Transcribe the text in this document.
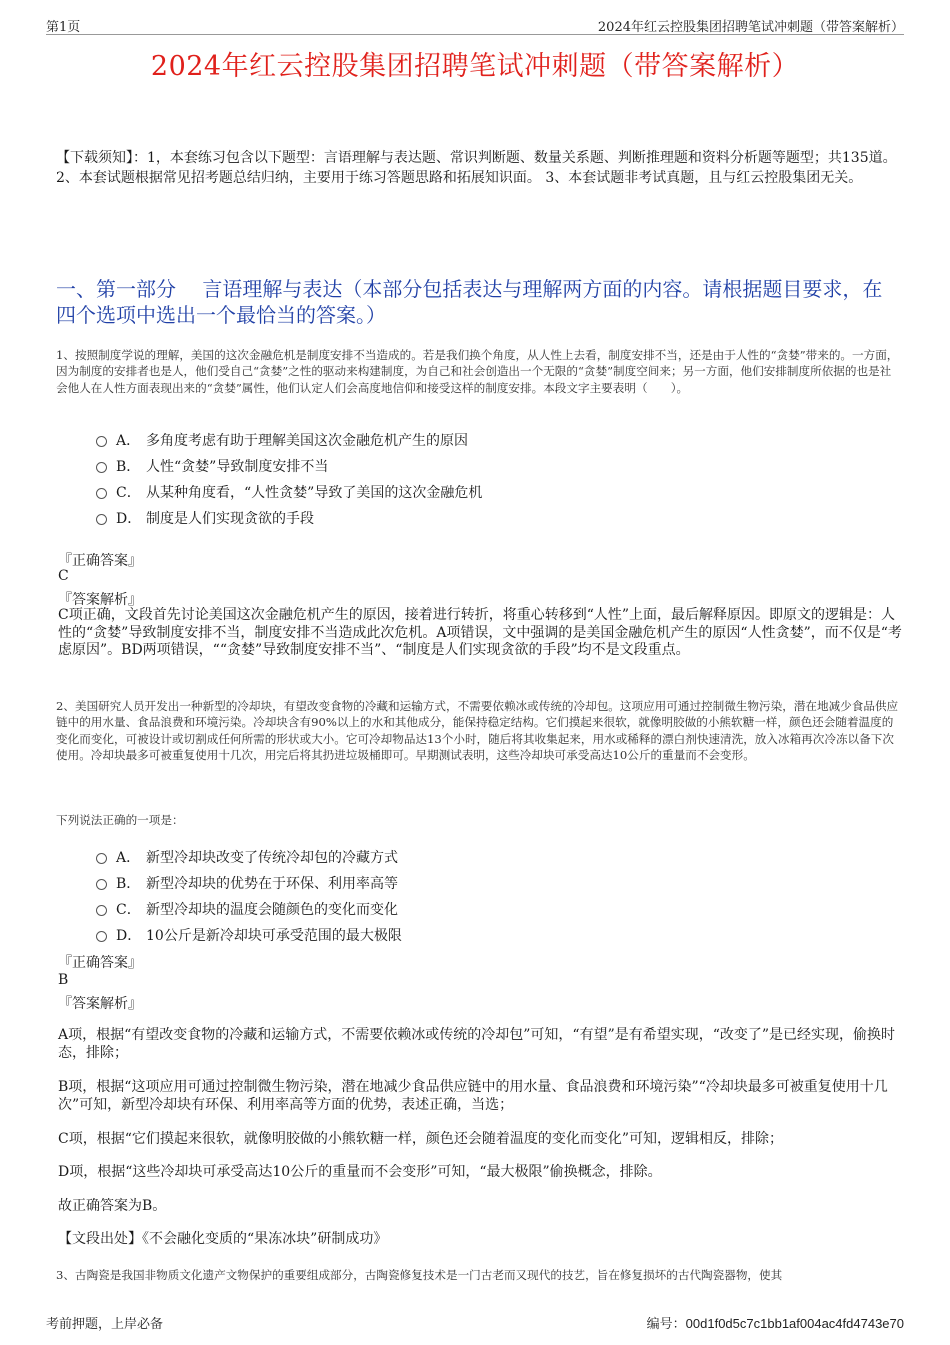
第1页	2024年红云控股集团招聘笔试冲刺题（带答案解析）
2024年红云控股集团招聘笔试冲刺题（带答案解析）
【下载须知】：1，本套练习包含以下题型：言语理解与表达题、常识判断题、数量关系题、判断推理题和资料分析题等题型；共135道。 2、本套试题根据常见招考题总结归纳，主要用于练习答题思路和拓展知识面。 3、本套试题非考试真题，且与红云控股集团无关。
一、第一部分　 言语理解与表达（本部分包括表达与理解两方面的内容。请根据题目要求，在四个选项中选出一个最恰当的答案。）
1、按照制度学说的理解，美国的这次金融危机是制度安排不当造成的。若是我们换个角度，从人性上去看，制度安排不当，还是由于人性的“贪婪”带来的。一方面，因为制度的安排者也是人，他们受自己“贪婪”之性的驱动来构建制度，为自己和社会创造出一个无限的“贪婪”制度空间来；另一方面，他们安排制度所依据的也是社会他人在人性方面表现出来的“贪婪”属性，他们认定人们会高度地信仰和接受这样的制度安排。本段文字主要表明（　　）。
A． 多角度考虑有助于理解美国这次金融危机产生的原因
B． 人性“贪婪”导致制度安排不当
C． 从某种角度看，“人性贪婪”导致了美国的这次金融危机
D． 制度是人们实现贪欲的手段
『正确答案』
C
『答案解析』
C项正确，文段首先讨论美国这次金融危机产生的原因，接着进行转折，将重心转移到“人性”上面，最后解释原因。即原文的逻辑是：人性的“贪婪”导致制度安排不当，制度安排不当造成此次危机。A项错误，文中强调的是美国金融危机产生的原因“人性贪婪”，而不仅是“考虑原因”。BD两项错误，““贪婪”导致制度安排不当”、“制度是人们实现贪欲的手段”均不是文段重点。
2、美国研究人员开发出一种新型的冷却块，有望改变食物的冷藏和运输方式，不需要依赖冰或传统的冷却包。这项应用可通过控制微生物污染，潜在地减少食品供应链中的用水量、食品浪费和环境污染。冷却块含有90%以上的水和其他成分，能保持稳定结构。它们摸起来很软，就像明胶做的小熊软糖一样，颜色还会随着温度的变化而变化，可被设计或切割成任何所需的形状或大小。它可冷却物品达13个小时，随后将其收集起来，用水或稀释的漂白剂快速清洗，放入冰箱再次冷冻以备下次使用。冷却块最多可被重复使用十几次，用完后将其扔进垃圾桶即可。早期测试表明，这些冷却块可承受高达10公斤的重量而不会变形。
下列说法正确的一项是：
A． 新型冷却块改变了传统冷却包的冷藏方式
B． 新型冷却块的优势在于环保、利用率高等
C． 新型冷却块的温度会随颜色的变化而变化
D． 10公斤是新冷却块可承受范围的最大极限
『正确答案』
B
『答案解析』
A项，根据“有望改变食物的冷藏和运输方式，不需要依赖冰或传统的冷却包”可知，“有望”是有希望实现，“改变了”是已经实现，偷换时态，排除；
B项，根据“这项应用可通过控制微生物污染，潜在地减少食品供应链中的用水量、食品浪费和环境污染”“冷却块最多可被重复使用十几次”可知，新型冷却块有环保、利用率高等方面的优势，表述正确，当选；
C项，根据“它们摸起来很软，就像明胶做的小熊软糖一样，颜色还会随着温度的变化而变化”可知，逻辑相反，排除；
D项，根据“这些冷却块可承受高达10公斤的重量而不会变形”可知，“最大极限”偷换概念，排除。
故正确答案为B。
【文段出处】《不会融化变质的“果冻冰块”研制成功》
3、古陶瓷是我国非物质文化遗产文物保护的重要组成部分，古陶瓷修复技术是一门古老而又现代的技艺，旨在修复损坏的古代陶瓷器物，使其
考前押题，上岸必备	编号：00d1f0d5c7c1bb1af004ac4fd4743e70
